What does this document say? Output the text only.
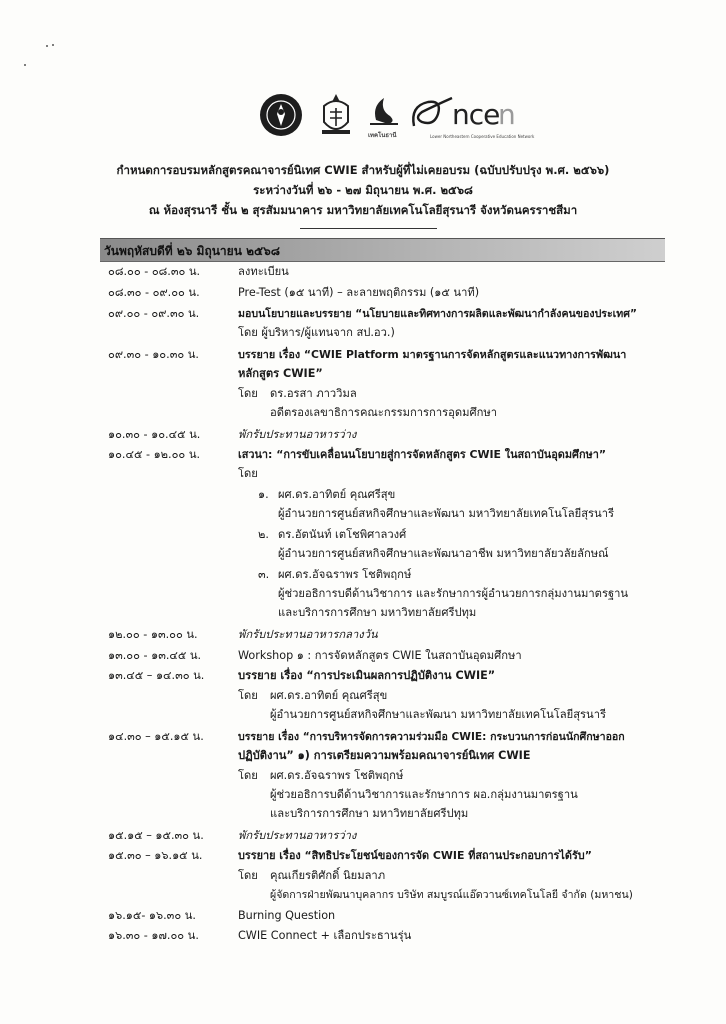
เทคโนธานี
nce
n
Lower Northeastern Cooperative Education Network
กำหนดการอบรมหลักสูตรคณาจารย์นิเทศ CWIE สำหรับผู้ที่ไม่เคยอบรม (ฉบับปรับปรุง พ.ศ. ๒๕๖๖)
ระหว่างวันที่ ๒๖ - ๒๗ มิถุนายน พ.ศ. ๒๕๖๘
ณ ห้องสุรนารี ชั้น ๒ สุรสัมมนาคาร มหาวิทยาลัยเทคโนโลยีสุรนารี จังหวัดนครราชสีมา
วันพฤหัสบดีที่ ๒๖ มิถุนายน ๒๕๖๘
๐๘.๐๐ - ๐๘.๓๐ น.	ลงทะเบียน
๐๘.๓๐ - ๐๙.๐๐ น.	Pre-Test (๑๕ นาที) – ละลายพฤติกรรม (๑๕ นาที)
๐๙.๐๐ - ๐๙.๓๐ น.	มอบนโยบายและบรรยาย “นโยบายและทิศทางการผลิตและพัฒนากำลังคนของประเทศ”
โดย ผู้บริหาร/ผู้แทนจาก สป.อว.)
๐๙.๓๐ - ๑๐.๓๐ น.	บรรยาย เรื่อง “CWIE Platform มาตรฐานการจัดหลักสูตรและแนวทางการพัฒนา
หลักสูตร CWIE”
โดย ดร.อรสา ภาววิมล
อดีตรองเลขาธิการคณะกรรมการการอุดมศึกษา
๑๐.๓๐ - ๑๐.๔๕ น.	พักรับประทานอาหารว่าง
๑๐.๔๕ - ๑๒.๐๐ น.	เสวนา: “การขับเคลื่อนนโยบายสู่การจัดหลักสูตร CWIE ในสถาบันอุดมศึกษา”
โดย
๑. ผศ.ดร.อาทิตย์ คุณศรีสุข
ผู้อำนวยการศูนย์สหกิจศึกษาและพัฒนา มหาวิทยาลัยเทคโนโลยีสุรนารี
๒. ดร.อัตนันท์ เตโชพิศาลวงศ์
ผู้อำนวยการศูนย์สหกิจศึกษาและพัฒนาอาชีพ มหาวิทยาลัยวลัยลักษณ์
๓. ผศ.ดร.อัจฉราพร โชติพฤกษ์
ผู้ช่วยอธิการบดีด้านวิชาการ และรักษาการผู้อำนวยการกลุ่มงานมาตรฐาน
และบริการการศึกษา มหาวิทยาลัยศรีปทุม
๑๒.๐๐ - ๑๓.๐๐ น.	พักรับประทานอาหารกลางวัน
๑๓.๐๐ - ๑๓.๔๕ น.	Workshop ๑ : การจัดหลักสูตร CWIE ในสถาบันอุดมศึกษา
๑๓.๔๕ – ๑๔.๓๐ น.	บรรยาย เรื่อง “การประเมินผลการปฏิบัติงาน CWIE”
โดย ผศ.ดร.อาทิตย์ คุณศรีสุข
ผู้อำนวยการศูนย์สหกิจศึกษาและพัฒนา มหาวิทยาลัยเทคโนโลยีสุรนารี
๑๔.๓๐ – ๑๕.๑๕ น.	บรรยาย เรื่อง “การบริหารจัดการความร่วมมือ CWIE: กระบวนการก่อนนักศึกษาออก
ปฏิบัติงาน” ๑) การเตรียมความพร้อมคณาจารย์นิเทศ CWIE
โดย ผศ.ดร.อัจฉราพร โชติพฤกษ์
ผู้ช่วยอธิการบดีด้านวิชาการและรักษาการ ผอ.กลุ่มงานมาตรฐาน
และบริการการศึกษา มหาวิทยาลัยศรีปทุม
๑๕.๑๕ – ๑๕.๓๐ น.	พักรับประทานอาหารว่าง
๑๕.๓๐ – ๑๖.๑๕ น.	บรรยาย เรื่อง “สิทธิประโยชน์ของการจัด CWIE ที่สถานประกอบการได้รับ”
โดย คุณเกียรติศักดิ์ นิยมลาภ
ผู้จัดการฝ่ายพัฒนาบุคลากร บริษัท สมบูรณ์แอ๊ดวานซ์เทคโนโลยี จำกัด (มหาชน)
๑๖.๑๕- ๑๖.๓๐ น.	Burning Question
๑๖.๓๐ - ๑๗.๐๐ น.	CWIE Connect + เลือกประธานรุ่น
